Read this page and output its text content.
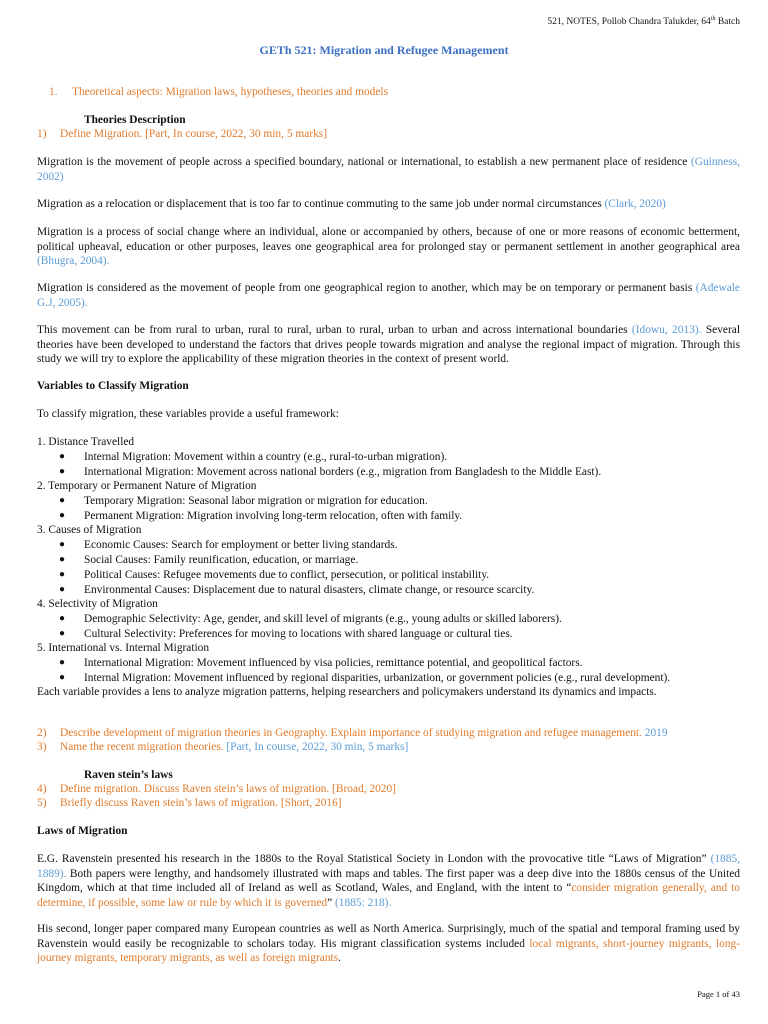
521, NOTES, Pollob Chandra Talukder, 64th Batch
GETh 521: Migration and Refugee Management
1. Theoretical aspects: Migration laws, hypotheses, theories and models
Theories Description
1) Define Migration. [Part, In course, 2022, 30 min, 5 marks]
Migration is the movement of people across a specified boundary, national or international, to establish a new permanent place of residence (Guinness, 2002)
Migration as a relocation or displacement that is too far to continue commuting to the same job under normal circumstances (Clark, 2020)
Migration is a process of social change where an individual, alone or accompanied by others, because of one or more reasons of economic betterment, political upheaval, education or other purposes, leaves one geographical area for prolonged stay or permanent settlement in another geographical area (Bhugra, 2004).
Migration is considered as the movement of people from one geographical region to another, which may be on temporary or permanent basis (Adewale G.J, 2005).
This movement can be from rural to urban, rural to rural, urban to rural, urban to urban and across international boundaries (Idowu, 2013). Several theories have been developed to understand the factors that drives people towards migration and analyse the regional impact of migration. Through this study we will try to explore the applicability of these migration theories in the context of present world.
Variables to Classify Migration
To classify migration, these variables provide a useful framework:
1. Distance Travelled
● Internal Migration: Movement within a country (e.g., rural-to-urban migration).
● International Migration: Movement across national borders (e.g., migration from Bangladesh to the Middle East).
2. Temporary or Permanent Nature of Migration
● Temporary Migration: Seasonal labor migration or migration for education.
● Permanent Migration: Migration involving long-term relocation, often with family.
3. Causes of Migration
● Economic Causes: Search for employment or better living standards.
● Social Causes: Family reunification, education, or marriage.
● Political Causes: Refugee movements due to conflict, persecution, or political instability.
● Environmental Causes: Displacement due to natural disasters, climate change, or resource scarcity.
4. Selectivity of Migration
● Demographic Selectivity: Age, gender, and skill level of migrants (e.g., young adults or skilled laborers).
● Cultural Selectivity: Preferences for moving to locations with shared language or cultural ties.
5. International vs. Internal Migration
● International Migration: Movement influenced by visa policies, remittance potential, and geopolitical factors.
● Internal Migration: Movement influenced by regional disparities, urbanization, or government policies (e.g., rural development).
Each variable provides a lens to analyze migration patterns, helping researchers and policymakers understand its dynamics and impacts.
2) Describe development of migration theories in Geography. Explain importance of studying migration and refugee management. 2019
3) Name the recent migration theories. [Part, In course, 2022, 30 min, 5 marks]
Raven stein’s laws
4) Define migration. Discuss Raven stein’s laws of migration. [Broad, 2020]
5) Briefly discuss Raven stein’s laws of migration. [Short, 2016]
Laws of Migration
E.G. Ravenstein presented his research in the 1880s to the Royal Statistical Society in London with the provocative title “Laws of Migration” (1885, 1889). Both papers were lengthy, and handsomely illustrated with maps and tables. The first paper was a deep dive into the 1880s census of the United Kingdom, which at that time included all of Ireland as well as Scotland, Wales, and England, with the intent to “consider migration generally, and to determine, if possible, some law or rule by which it is governed” (1885: 218).
His second, longer paper compared many European countries as well as North America. Surprisingly, much of the spatial and temporal framing used by Ravenstein would easily be recognizable to scholars today. His migrant classification systems included local migrants, short-journey migrants, long-journey migrants, temporary migrants, as well as foreign migrants.
Page 1 of 43
